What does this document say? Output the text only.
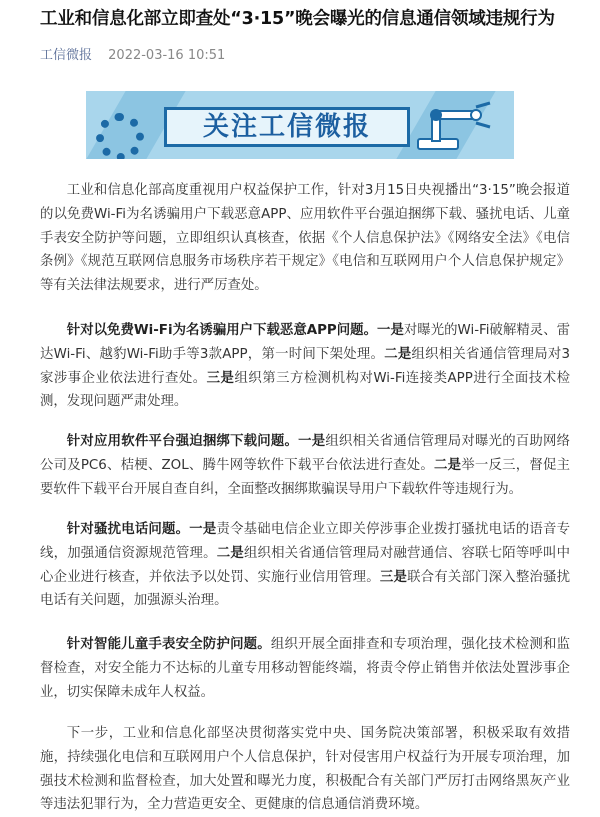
工业和信息化部立即查处“3·15”晚会曝光的信息通信领域违规行为
工信微报 2022-03-16 10:51
关注工信微报
工业和信息化部高度重视用户权益保护工作，针对3月15日央视播出“3·15”晚会报道的以免费Wi-Fi为名诱骗用户下载恶意APP、应用软件平台强迫捆绑下载、骚扰电话、儿童手表安全防护等问题，立即组织认真核查，依据《个人信息保护法》《网络安全法》《电信条例》《规范互联网信息服务市场秩序若干规定》《电信和互联网用户个人信息保护规定》等有关法律法规要求，进行严厉查处。
针对以免费Wi-Fi为名诱骗用户下载恶意APP问题。一是对曝光的Wi-Fi破解精灵、雷达Wi-Fi、越豹Wi-Fi助手等3款APP，第一时间下架处理。二是组织相关省通信管理局对3家涉事企业依法进行查处。三是组织第三方检测机构对Wi-Fi连接类APP进行全面技术检测，发现问题严肃处理。
针对应用软件平台强迫捆绑下载问题。一是组织相关省通信管理局对曝光的百助网络公司及PC6、桔梗、ZOL、腾牛网等软件下载平台依法进行查处。二是举一反三，督促主要软件下载平台开展自查自纠，全面整改捆绑欺骗误导用户下载软件等违规行为。
针对骚扰电话问题。一是责令基础电信企业立即关停涉事企业拨打骚扰电话的语音专线，加强通信资源规范管理。二是组织相关省通信管理局对融营通信、容联七陌等呼叫中心企业进行核查，并依法予以处罚、实施行业信用管理。三是联合有关部门深入整治骚扰电话有关问题，加强源头治理。
针对智能儿童手表安全防护问题。组织开展全面排查和专项治理，强化技术检测和监督检查，对安全能力不达标的儿童专用移动智能终端，将责令停止销售并依法处置涉事企业，切实保障未成年人权益。
下一步，工业和信息化部坚决贯彻落实党中央、国务院决策部署，积极采取有效措施，持续强化电信和互联网用户个人信息保护，针对侵害用户权益行为开展专项治理，加强技术检测和监督检查，加大处置和曝光力度，积极配合有关部门严厉打击网络黑灰产业等违法犯罪行为，全力营造更安全、更健康的信息通信消费环境。
